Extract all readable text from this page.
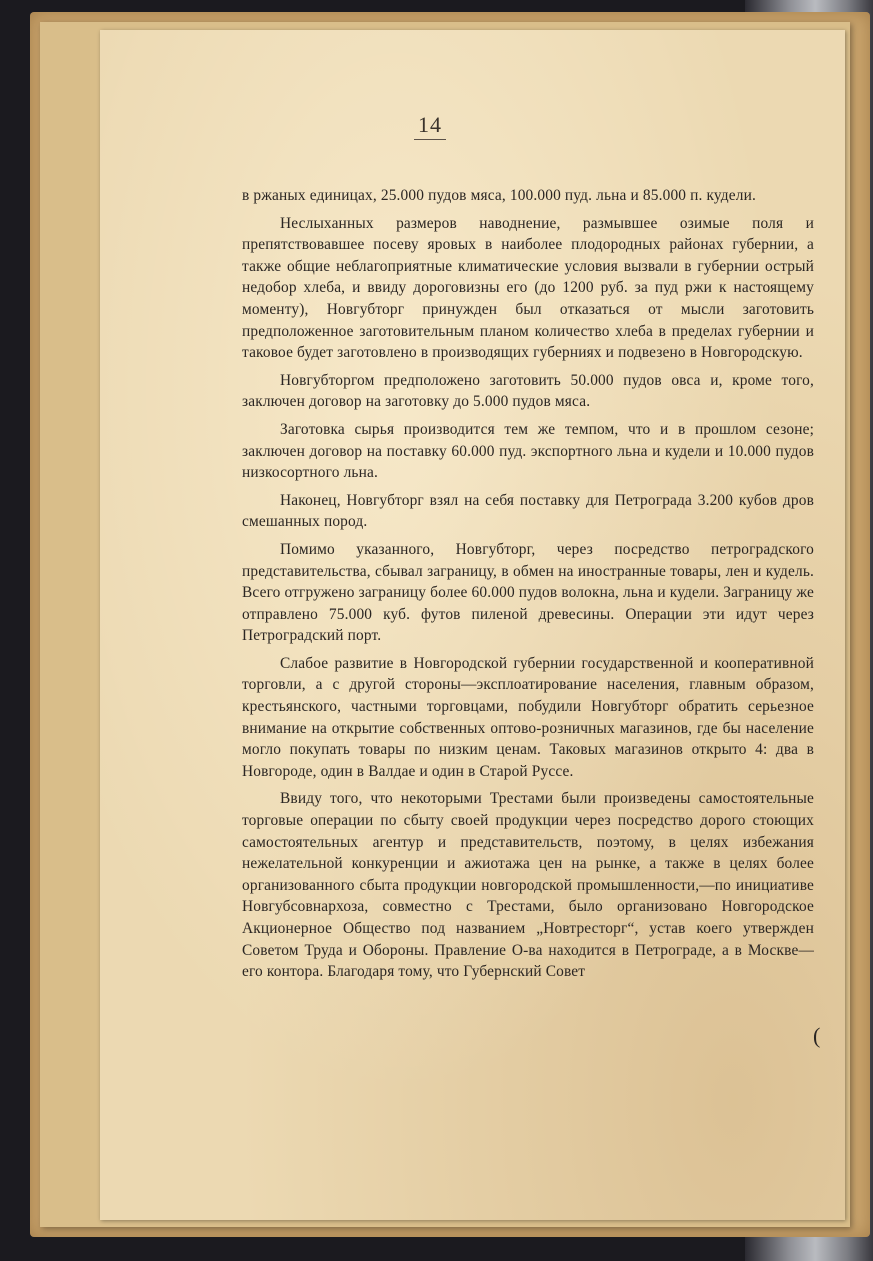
14

в ржаных единицах, 25.000 пудов мяса, 100.000 пуд. льна и 85.000 п. кудели.

Неслыханных размеров наводнение, размывшее озимые поля и препятствовавшее посеву яровых в наиболее плодородных районах губернии, а также общие неблагоприятные климатические условия вызвали в губернии острый недобор хлеба, и ввиду дороговизны его (до 1200 руб. за пуд ржи к настоящему моменту), Новгубторг принужден был отказаться от мысли заготовить предположенное заготовительным планом количество хлеба в пределах губернии и таковое будет заготовлено в производящих губерниях и подвезено в Новгородскую.

Новгубторгом предположено заготовить 50.000 пудов овса и, кроме того, заключен договор на заготовку до 5.000 пудов мяса.

Заготовка сырья производится тем же темпом, что и в прошлом сезоне; заключен договор на поставку 60.000 пуд. экспортного льна и кудели и 10.000 пудов низкосортного льна.

Наконец, Новгубторг взял на себя поставку для Петрограда 3.200 кубов дров смешанных пород.

Помимо указанного, Новгубторг, через посредство петроградского представительства, сбывал заграницу, в обмен на иностранные товары, лен и кудель. Всего отгружено заграницу более 60.000 пудов волокна, льна и кудели. Заграницу же отправлено 75.000 куб. футов пиленой древесины. Операции эти идут через Петроградский порт.

Слабое развитие в Новгородской губернии государственной и кооперативной торговли, а с другой стороны—эксплоатирование населения, главным образом, крестьянского, частными торговцами, побудили Новгубторг обратить серьезное внимание на открытие собственных оптово-розничных магазинов, где бы население могло покупать товары по низким ценам. Таковых магазинов открыто 4: два в Новгороде, один в Валдае и один в Старой Руссе.

Ввиду того, что некоторыми Трестами были произведены самостоятельные торговые операции по сбыту своей продукции через посредство дорого стоющих самостоятельных агентур и представительств, поэтому, в целях избежания нежелательной конкуренции и ажиотажа цен на рынке, а также в целях более организованного сбыта продукции новгородской промышленности,—по инициативе Новгубсовнархоза, совместно с Трестами, было организовано Новгородское Акционерное Общество под названием „Новтресторг“, устав коего утвержден Советом Труда и Обороны. Правление О-ва находится в Петрограде, а в Москве—его контора. Благодаря тому, что Губернский Совет

(
